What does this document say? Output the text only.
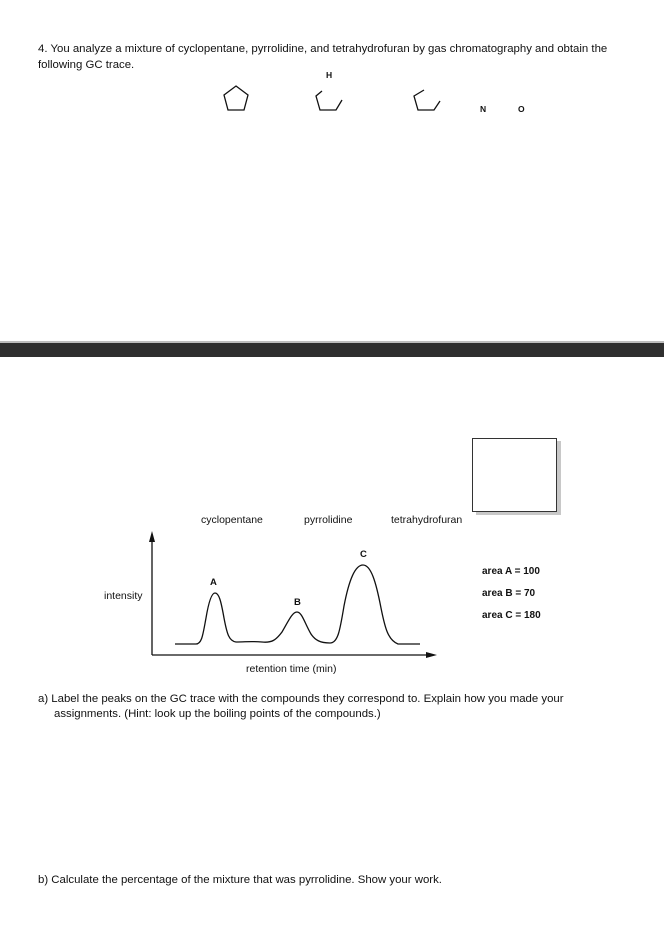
4. You analyze a mixture of cyclopentane, pyrrolidine, and tetrahydrofuran by gas chromatography and obtain the following GC trace.
H
N	O
cyclopentane	pyrrolidine	tetrahydrofuran
A
B
C
intensity
retention time (min)
area A = 100
area B = 70
area C = 180
a) Label the peaks on the GC trace with the compounds they correspond to. Explain how you made your
assignments. (Hint: look up the boiling points of the compounds.)
b) Calculate the percentage of the mixture that was pyrrolidine. Show your work.
